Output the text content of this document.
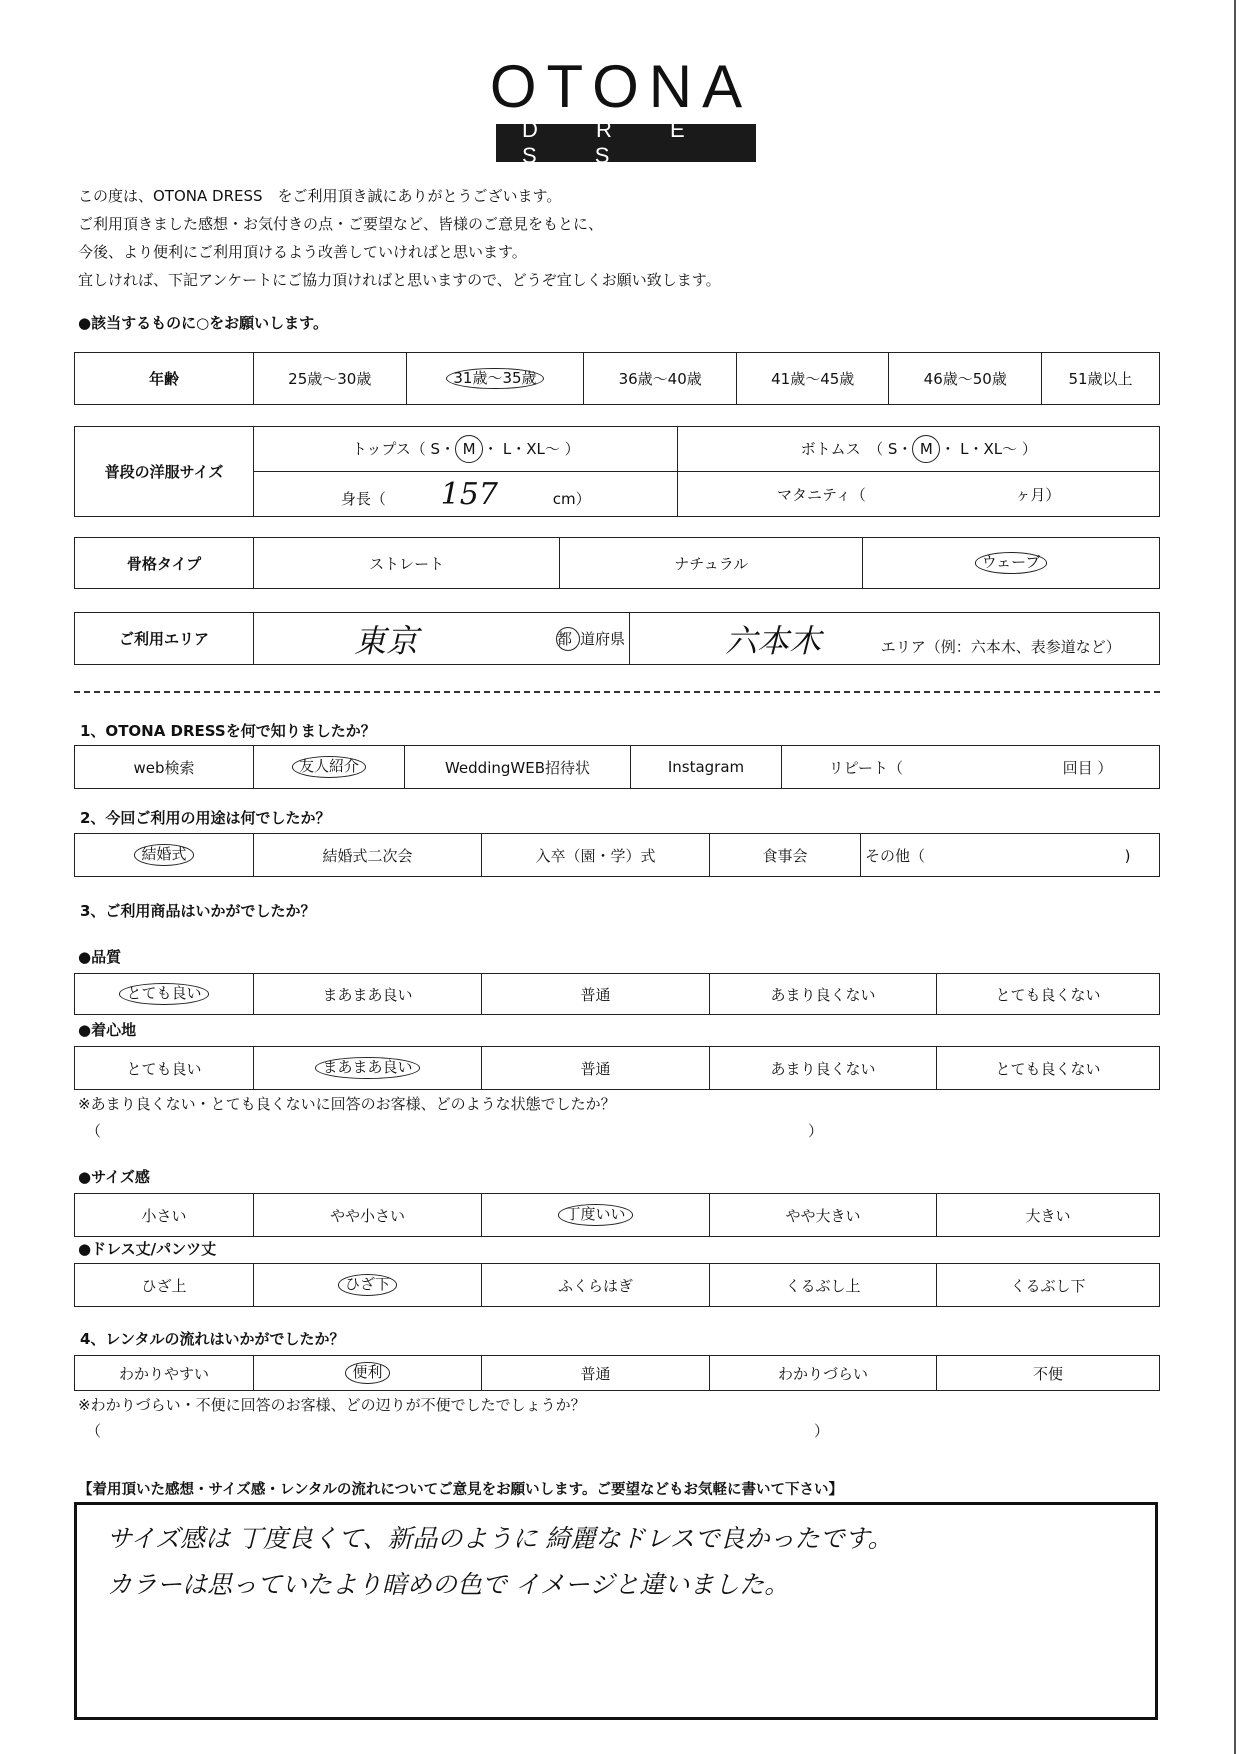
OTONA
D R E S S
この度は、OTONA DRESS　をご利用頂き誠にありがとうございます。
ご利用頂きました感想・お気付きの点・ご要望など、皆様のご意見をもとに、
今後、より便利にご利用頂けるよう改善していければと思います。
宜しければ、下記アンケートにご協力頂ければと思いますので、どうぞ宜しくお願い致します。
●該当するものに○をお願いします。
年齢	25歳～30歳	31歳～35歳	36歳～40歳	41歳～45歳	46歳～50歳	51歳以上
普段の洋服サイズ	トップス（ S・ M ・ L・XL～ ）	ボトムス　（ S・ M ・ L・XL～ ）
	身長（ 157 cm）	マタニティ（ ヶ月）
骨格タイプ	ストレート	ナチュラル	ウェーブ
ご利用エリア	東京	都 道府県	六本木	エリア（例：六本木、表参道など）
1、OTONA DRESSを何で知りましたか？
web検索	友人紹介	WeddingWEB招待状	Instagram	リピート（	回目 ）
2、今回ご利用の用途は何でしたか？
結婚式	結婚式二次会	入卒（園・学）式	食事会	その他（	)
3、ご利用商品はいかがでしたか？
●品質
とても良い	まあまあ良い	普通	あまり良くない	とても良くない
●着心地
とても良い	まあまあ良い	普通	あまり良くない	とても良くない
※あまり良くない・とても良くないに回答のお客様、どのような状態でしたか？
（	）
●サイズ感
小さい	やや小さい	丁度いい	やや大きい	大きい
●ドレス丈/パンツ丈
ひざ上	ひざ下	ふくらはぎ	くるぶし上	くるぶし下
4、レンタルの流れはいかがでしたか？
わかりやすい	便利	普通	わかりづらい	不便
※わかりづらい・不便に回答のお客様、どの辺りが不便でしたでしょうか？
（	）
【着用頂いた感想・サイズ感・レンタルの流れについてご意見をお願いします。ご要望などもお気軽に書いて下さい】
サイズ感は 丁度良くて、新品のように 綺麗なドレスで良かったです。
カラーは思っていたより暗めの色で イメージと違いました。
